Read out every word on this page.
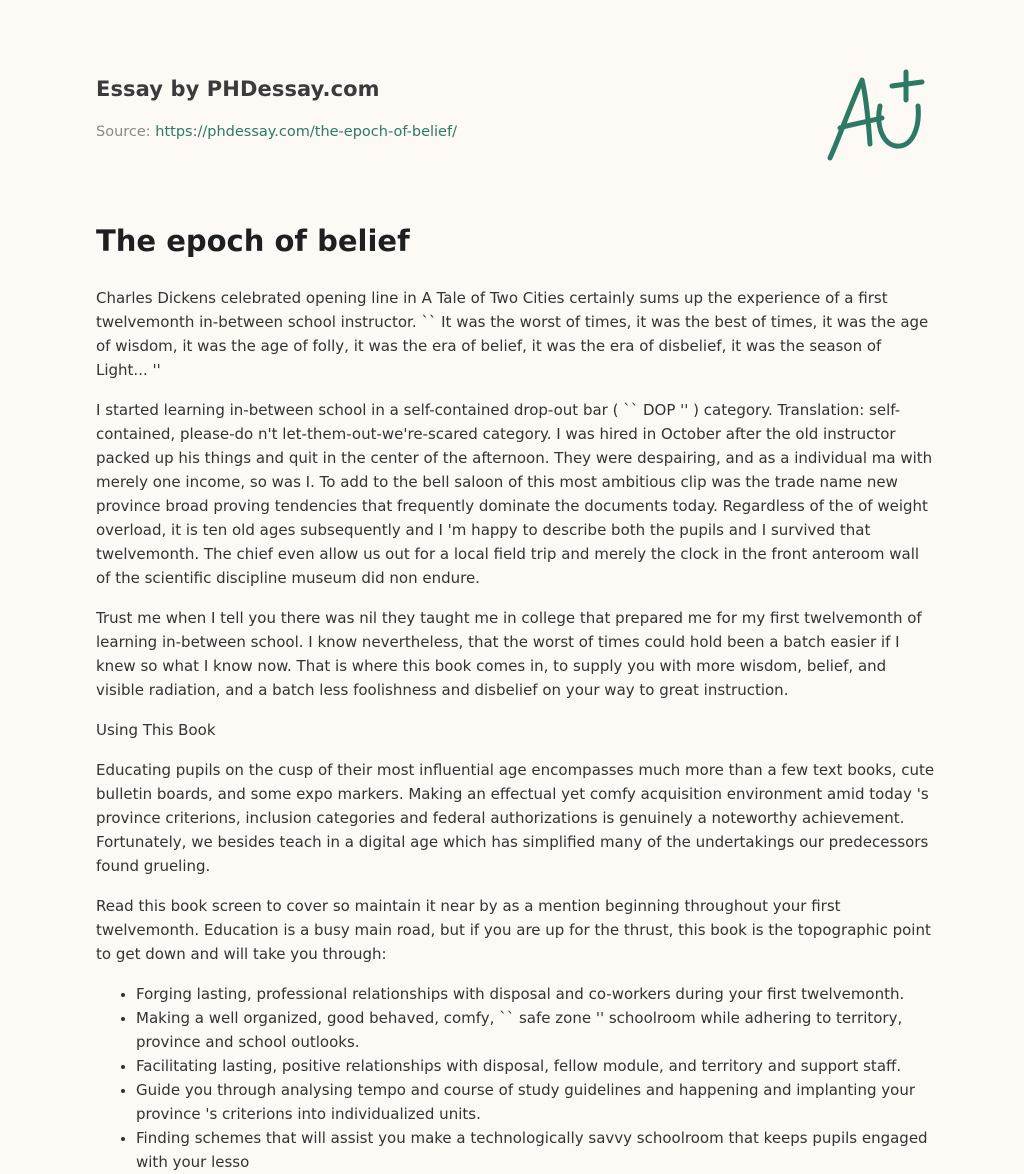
Essay by PHDessay.com
Source: https://phdessay.com/the-epoch-of-belief/
The epoch of belief

Charles Dickens celebrated opening line in A Tale of Two Cities certainly sums up the experience of a first twelvemonth in-between school instructor. `` It was the worst of times, it was the best of times, it was the age of wisdom, it was the age of folly, it was the era of belief, it was the era of disbelief, it was the season of Light... ''

I started learning in-between school in a self-contained drop-out bar ( `` DOP '' ) category. Translation: self-contained, please-do n't let-them-out-we're-scared category. I was hired in October after the old instructor packed up his things and quit in the center of the afternoon. They were despairing, and as a individual ma with merely one income, so was I. To add to the bell saloon of this most ambitious clip was the trade name new province broad proving tendencies that frequently dominate the documents today. Regardless of the of weight overload, it is ten old ages subsequently and I 'm happy to describe both the pupils and I survived that twelvemonth. The chief even allow us out for a local field trip and merely the clock in the front anteroom wall of the scientific discipline museum did non endure.

Trust me when I tell you there was nil they taught me in college that prepared me for my first twelvemonth of learning in-between school. I know nevertheless, that the worst of times could hold been a batch easier if I knew so what I know now. That is where this book comes in, to supply you with more wisdom, belief, and visible radiation, and a batch less foolishness and disbelief on your way to great instruction.

Using This Book

Educating pupils on the cusp of their most influential age encompasses much more than a few text books, cute bulletin boards, and some expo markers. Making an effectual yet comfy acquisition environment amid today 's province criterions, inclusion categories and federal authorizations is genuinely a noteworthy achievement. Fortunately, we besides teach in a digital age which has simplified many of the undertakings our predecessors found grueling.

Read this book screen to cover so maintain it near by as a mention beginning throughout your first twelvemonth. Education is a busy main road, but if you are up for the thrust, this book is the topographic point to get down and will take you through:

• Forging lasting, professional relationships with disposal and co-workers during your first twelvemonth.
• Making a well organized, good behaved, comfy, `` safe zone '' schoolroom while adhering to territory, province and school outlooks.
• Facilitating lasting, positive relationships with disposal, fellow module, and territory and support staff.
• Guide you through analysing tempo and course of study guidelines and happening and implanting your province 's criterions into individualized units.
• Finding schemes that will assist you make a technologically savvy schoolroom that keeps pupils engaged with your lesso
